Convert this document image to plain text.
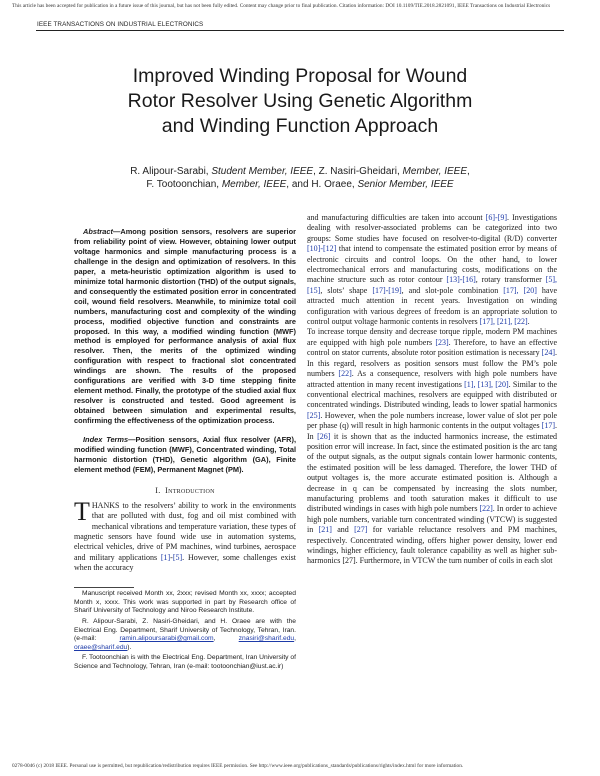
This article has been accepted for publication in a future issue of this journal, but has not been fully edited. Content may change prior to final publication. Citation information: DOI 10.1109/TIE.2018.2821091, IEEE Transactions on Industrial Electronics
IEEE TRANSACTIONS ON INDUSTRIAL ELECTRONICS
Improved Winding Proposal for Wound
Rotor Resolver Using Genetic Algorithm
and Winding Function Approach
R. Alipour-Sarabi, Student Member, IEEE, Z. Nasiri-Gheidari, Member, IEEE,
F. Tootoonchian, Member, IEEE, and H. Oraee, Senior Member, IEEE
Abstract—Among position sensors, resolvers are superior from reliability point of view. However, obtaining lower output voltage harmonics and simple manufacturing process is a challenge in the design and optimization of resolvers. In this paper, a meta-heuristic optimization algorithm is used to minimize total harmonic distortion (THD) of the output signals, and consequently the estimated position error in concentrated coil, wound field resolvers. Meanwhile, to minimize total coil numbers, manufacturing cost and complexity of the winding process, modified objective function and constraints are proposed. In this way, a modified winding function (MWF) method is employed for performance analysis of axial flux resolver. Then, the merits of the optimized winding configuration with respect to fractional slot concentrated windings are shown. The results of the proposed configurations are verified with 3-D time stepping finite element method. Finally, the prototype of the studied axial flux resolver is constructed and tested. Good agreement is obtained between simulation and experimental results, confirming the effectiveness of the optimization process.
Index Terms—Position sensors, Axial flux resolver (AFR), modified winding function (MWF), Concentrated winding, Total harmonic distortion (THD), Genetic algorithm (GA), Finite element method (FEM), Permanent Magnet (PM).
I. Introduction
THANKS to the resolvers’ ability to work in the environments that are polluted with dust, fog and oil mist combined with mechanical vibrations and temperature variation, these types of magnetic sensors have found wide use in automation systems, electrical vehicles, drive of PM machines, wind turbines, aerospace and military applications [1]-[5]. However, some challenges exist when the accuracy
Manuscript received Month xx, 2xxx; revised Month xx, xxxx; accepted Month x, xxxx. This work was supported in part by Research office of Sharif University of Technology and Niroo Research Institute.
R. Alipour-Sarabi, Z. Nasiri-Gheidari, and H. Oraee are with the Electrical Eng. Department, Sharif University of Technology, Tehran, Iran. (e-mail: ramin.alipoursarabi@gmail.com, znasiri@sharif.edu, oraee@sharif.edu).
F. Tootoonchian is with the Electrical Eng. Department, Iran University of Science and Technology, Tehran, Iran (e-mail: tootoonchian@iust.ac.ir)

and manufacturing difficulties are taken into account [6]-[9]. Investigations dealing with resolver-associated problems can be categorized into two groups: Some studies have focused on resolver-to-digital (R/D) converter [10]-[12] that intend to compensate the estimated position error by means of electronic circuits and control loops. On the other hand, to lower electromechanical errors and manufacturing costs, modifications on the machine structure such as rotor contour [13]-[16], rotary transformer [5], [15], slots’ shape [17]-[19], and slot-pole combination [17], [20] have attracted much attention in recent years. Investigation on winding configuration with various degrees of freedom is an appropriate solution to control output voltage harmonic contents in resolvers [17], [21], [22].

To increase torque density and decrease torque ripple, modern PM machines are equipped with high pole numbers [23]. Therefore, to have an effective control on stator currents, absolute rotor position estimation is necessary [24]. In this regard, resolvers as position sensors must follow the PM’s pole numbers [22]. As a consequence, resolvers with high pole numbers have attracted attention in many recent investigations [1], [13], [20]. Similar to the conventional electrical machines, resolvers are equipped with distributed or concentrated windings. Distributed winding, leads to lower spatial harmonics [25]. However, when the pole numbers increase, lower value of slot per pole per phase (q) will result in high harmonic contents in the output voltages [17]. In [26] it is shown that as the inducted harmonics increase, the estimated position error will increase. In fact, since the estimated position is the arc tang of the output signals, as the output signals contain lower harmonic contents, the estimated position will be less damaged. Therefore, the lower THD of output voltages is, the more accurate estimated position is. Although a decrease in q can be compensated by increasing the slots number, manufacturing problems and tooth saturation makes it difficult to use distributed windings in cases with high pole numbers [22]. In order to achieve high pole numbers, variable turn concentrated winding (VTCW) is suggested in [21] and [27] for variable reluctance resolvers and PM machines, respectively. Concentrated winding, offers higher power density, lower end windings, higher efficiency, fault tolerance capability as well as higher sub-harmonics [27]. Furthermore, in VTCW the turn number of coils in each slot

0278-0046 (c) 2018 IEEE. Personal use is permitted, but republication/redistribution requires IEEE permission. See http://www.ieee.org/publications_standards/publications/rights/index.html for more information.
